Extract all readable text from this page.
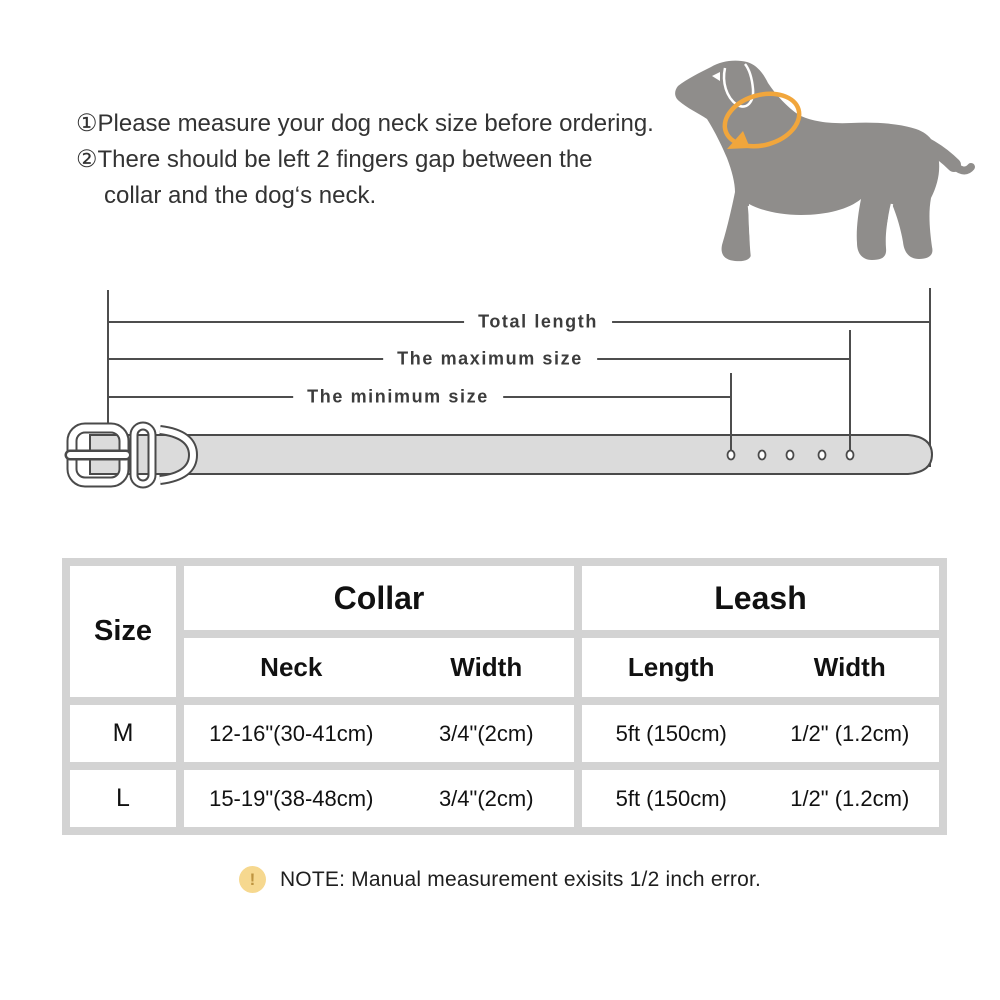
①Please measure your dog neck size before ordering.
②There should be left 2 fingers gap between the
collar and the dog‘s neck.
Total length
The maximum size
The minimum size
Size
Collar	Leash
Neck	Width	Length	Width
M	12-16"(30-41cm)	3/4"(2cm)	5ft (150cm)	1/2" (1.2cm)
L	15-19"(38-48cm)	3/4"(2cm)	5ft (150cm)	1/2" (1.2cm)
!	NOTE: Manual measurement exisits 1/2 inch error.
